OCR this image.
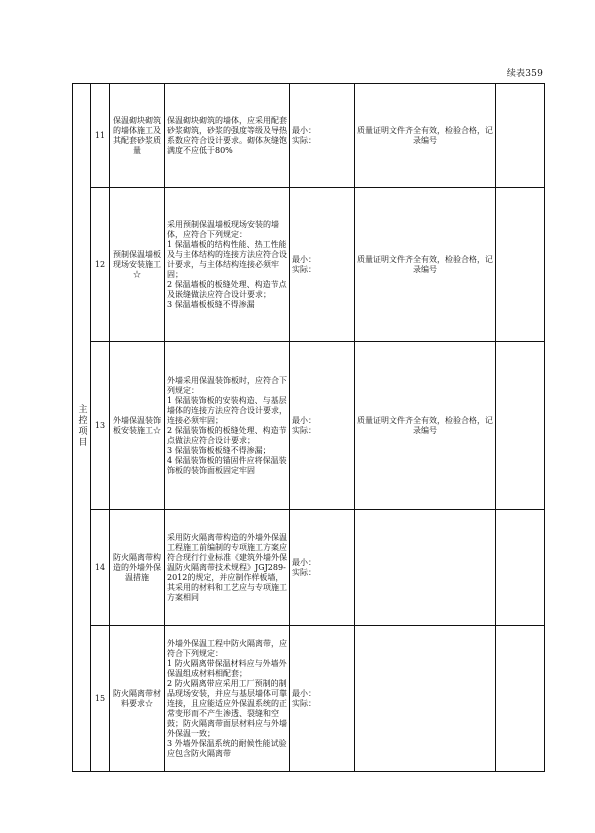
续表359
主控项目	11	保温砌块砌筑的墙体施工及其配套砂浆质量	保温砌块砌筑的墙体，应采用配套砂浆砌筑，砂浆的强度等级及导热系数应符合设计要求。砌体灰缝饱满度不应低于80%	最小：
实际：	质量证明文件齐全有效，检验合格，记录编号	
	12	预制保温墙板现场安装施工☆	采用预制保温墙板现场安装的墙体，应符合下列规定：
1 保温墙板的结构性能、热工性能及与主体结构的连接方法应符合设计要求，与主体结构连接必须牢固；
2 保温墙板的板缝处理、构造节点及嵌缝做法应符合设计要求；
3 保温墙板板缝不得渗漏	最小：
实际：	质量证明文件齐全有效，检验合格，记录编号	
	13	外墙保温装饰板安装施工☆	外墙采用保温装饰板时，应符合下列规定：
1 保温装饰板的安装构造、与基层墙体的连接方法应符合设计要求，连接必须牢固；
2 保温装饰板的板缝处理、构造节点做法应符合设计要求；
3 保温装饰板板缝不得渗漏；
4 保温装饰板的锚固件应将保温装饰板的装饰面板固定牢固	最小：
实际：	质量证明文件齐全有效，检验合格，记录编号	
	14	防火隔离带构造的外墙外保温措施	采用防火隔离带构造的外墙外保温工程施工前编制的专项施工方案应符合现行行业标准《建筑外墙外保温防火隔离带技术规程》JGJ289-2012的规定，并应制作样板墙，其采用的材料和工艺应与专项施工方案相同	最小：
实际：		

	15	防火隔离带材料要求☆	外墙外保温工程中防火隔离带，应符合下列规定：
1 防火隔离带保温材料应与外墙外保温组成材料相配套；
2 防火隔离带应采用工厂预制的制品现场安装，并应与基层墙体可靠连接，且应能适应外保温系统的正常变形而不产生渗透、裂缝和空鼓；防火隔离带面层材料应与外墙外保温一致；
3 外墙外保温系统的耐候性能试验应包含防火隔离带	最小：
实际：		
